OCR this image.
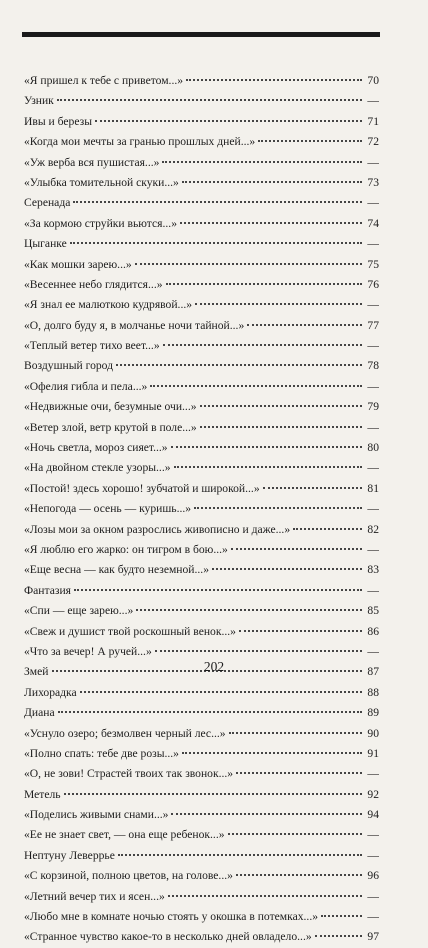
«Я пришел к тебе с приветом...»	70
Узник	—
Ивы и березы	71
«Когда мои мечты за гранью прошлых дней...»	72
«Уж верба вся пушистая...»	—
«Улыбка томительной скуки...»	73
Серенада	—
«За кормою струйки вьются...»	74
Цыганке	—
«Как мошки зарею...»	75
«Весеннее небо глядится...»	76
«Я знал ее малюткою кудрявой...»	—
«О, долго буду я, в молчанье ночи тайной...»	77
«Теплый ветер тихо веет...»	—
Воздушный город	78
«Офелия гибла и пела...»	—
«Недвижные очи, безумные очи...»	79
«Ветер злой, ветр крутой в поле...»	—
«Ночь светла, мороз сияет...»	80
«На двойном стекле узоры...»	—
«Постой! здесь хорошо! зубчатой и широкой...»	81
«Непогода — осень — куришь...»	—
«Лозы мои за окном разрослись живописно и даже...»	82
«Я люблю его жарко: он тигром в бою...»	—
«Еще весна — как будто неземной...»	83
Фантазия	—
«Спи — еще зарею...»	85
«Свеж и душист твой роскошный венок...»	86
«Что за вечер! А ручей...»	—
Змей	87
Лихорадка	88
Диана	89
«Уснуло озеро; безмолвен черный лес...»	90
«Полно спать: тебе две розы...»	91
«О, не зови! Страстей твоих так звонок...»	—
Метель	92
«Поделись живыми снами...»	94
«Ее не знает свет, — она еще ребенок...»	—
Нептуну Леверрье	—
«С корзиной, полною цветов, на голове...»	96
«Летний вечер тих и ясен...»	—
«Любо мне в комнате ночью стоять у окошка в потемках...»	—
«Странное чувство какое-то в несколько дней овладело...»	97
202
